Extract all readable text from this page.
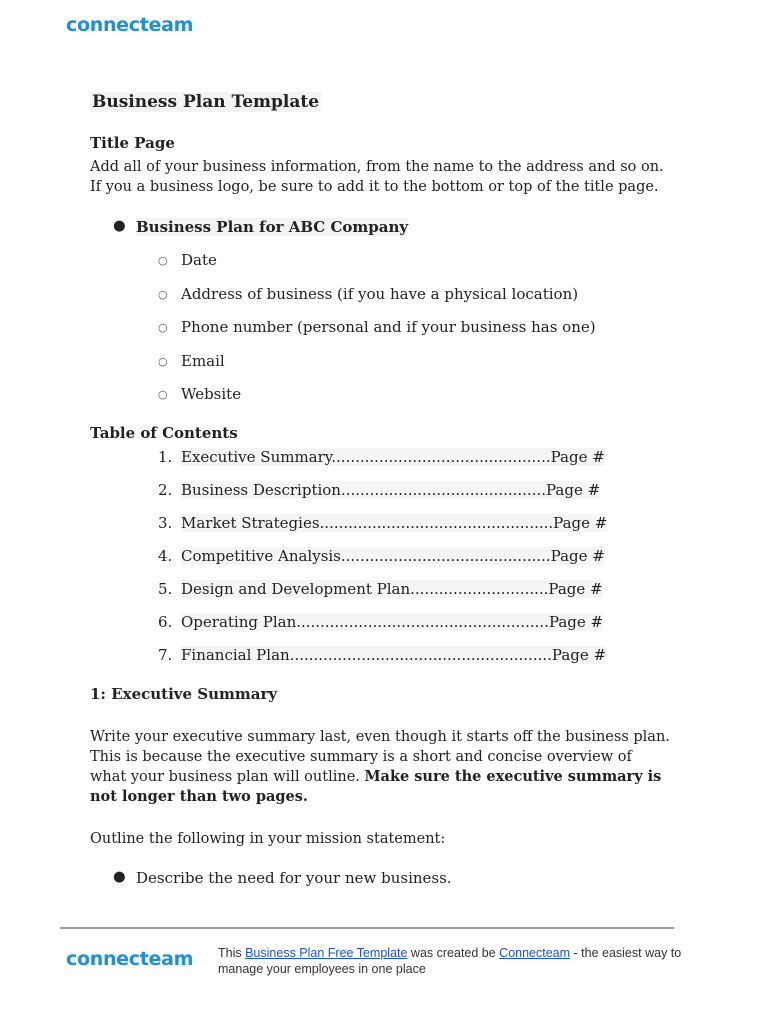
connecteam
Business Plan Template
Title Page
Add all of your business information, from the name to the address and so on. If you a business logo, be sure to add it to the bottom or top of the title page.
● Business Plan for ABC Company
○ Date
○ Address of business (if you have a physical location)
○ Phone number (personal and if your business has one)
○ Email
○ Website
Table of Contents
1. Executive Summary..............................................Page #
2. Business Description...........................................Page #
3. Market Strategies.................................................Page #
4. Competitive Analysis............................................Page #
5. Design and Development Plan.............................Page #
6. Operating Plan.....................................................Page #
7. Financial Plan.......................................................Page #
1: Executive Summary
Write your executive summary last, even though it starts off the business plan. This is because the executive summary is a short and concise overview of what your business plan will outline. Make sure the executive summary is not longer than two pages.
Outline the following in your mission statement:
● Describe the need for your new business.
connecteam This Business Plan Free Template was created be Connecteam - the easiest way to manage your employees in one place
